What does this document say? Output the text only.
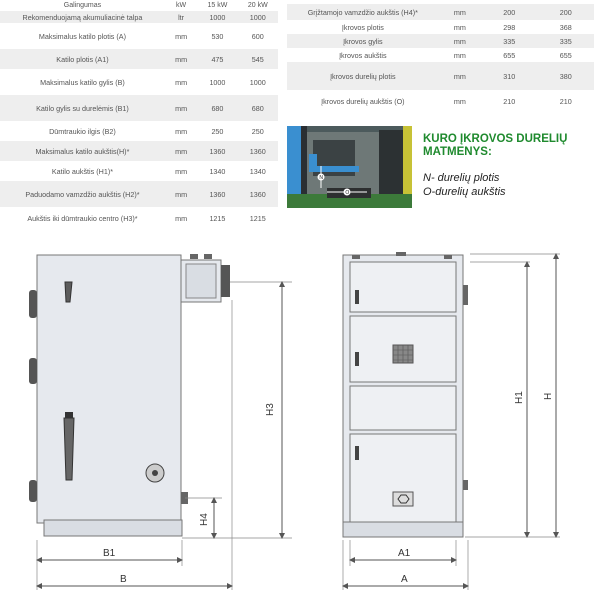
Galingumas	kW	15 kW	20 kW
Rekomenduojamą akumuliacinė talpa	ltr	1000	1000
Maksimalus katilo plotis (A)	mm	530	600
Katilo plotis (A1)	mm	475	545
Maksimalus katilo gylis (B)	mm	1000	1000
Katilo gylis su durelėmis (B1)	mm	680	680
Dūmtraukio ilgis (B2)	mm	250	250
Maksimalus katilo aukštis(H)*	mm	1360	1360
Katilo aukštis (H1)*	mm	1340	1340
Paduodamo vamzdžio aukštis (H2)*	mm	1360	1360
Aukštis iki dūmtraukio centro (H3)*	mm	1215	1215
Grįžtamojo vamzdžio aukštis (H4)*	mm	200	200
Įkrovos plotis	mm	298	368
Įkrovos gylis	mm	335	335
Įkrovos aukštis	mm	655	655
Įkrovos durelių plotis	mm	310	380
Įkrovos durelių aukštis (O)	mm	210	210
N
O
KURO ĮKROVOS DURELIŲ
MATMENYS:
N- durelių plotis
O-durelių aukštis
H3
H4
B1
B
H1 H
A1
A
